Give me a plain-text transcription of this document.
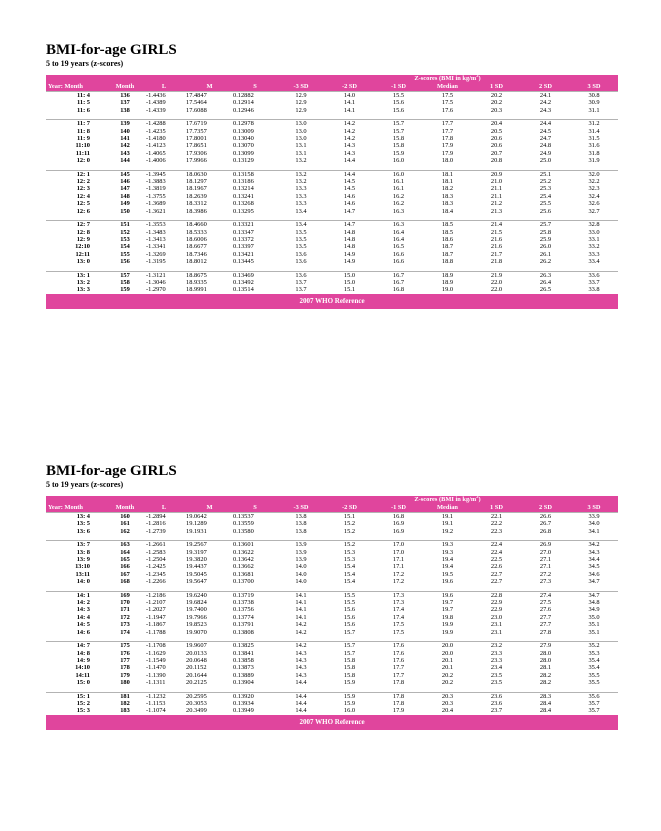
BMI-for-age GIRLS

5 to 19 years (z-scores)

					Z-scores (BMI in $kg/m^2$)						
Year: Month	Month	L	M	S	-3 SD	-2 SD	-1 SD	Median	1 SD	2 SD	3 SD
11: 4	136	-1.4436	17.4847	0.12882	12.9	14.0	15.5	17.5	20.2	24.1	30.8
11: 5	137	-1.4389	17.5464	0.12914	12.9	14.1	15.6	17.5	20.2	24.2	30.9
11: 6	138	-1.4339	17.6088	0.12946	12.9	14.1	15.6	17.6	20.3	24.3	31.1

11: 7	139	-1.4288	17.6719	0.12978	13.0	14.2	15.7	17.7	20.4	24.4	31.2
11: 8	140	-1.4235	17.7357	0.13009	13.0	14.2	15.7	17.7	20.5	24.5	31.4
11: 9	141	-1.4180	17.8001	0.13040	13.0	14.2	15.8	17.8	20.6	24.7	31.5
11:10	142	-1.4123	17.8651	0.13070	13.1	14.3	15.8	17.9	20.6	24.8	31.6
11:11	143	-1.4065	17.9306	0.13099	13.1	14.3	15.9	17.9	20.7	24.9	31.8
12: 0	144	-1.4006	17.9966	0.13129	13.2	14.4	16.0	18.0	20.8	25.0	31.9

12: 1	145	-1.3945	18.0630	0.13158	13.2	14.4	16.0	18.1	20.9	25.1	32.0
12: 2	146	-1.3883	18.1297	0.13186	13.2	14.5	16.1	18.1	21.0	25.2	32.2
12: 3	147	-1.3819	18.1967	0.13214	13.3	14.5	16.1	18.2	21.1	25.3	32.3
12: 4	148	-1.3755	18.2639	0.13241	13.3	14.6	16.2	18.3	21.1	25.4	32.4
12: 5	149	-1.3689	18.3312	0.13268	13.3	14.6	16.2	18.3	21.2	25.5	32.6
12: 6	150	-1.3621	18.3986	0.13295	13.4	14.7	16.3	18.4	21.3	25.6	32.7

12: 7	151	-1.3553	18.4660	0.13321	13.4	14.7	16.3	18.5	21.4	25.7	32.8
12: 8	152	-1.3483	18.5333	0.13347	13.5	14.8	16.4	18.5	21.5	25.8	33.0
12: 9	153	-1.3413	18.6006	0.13372	13.5	14.8	16.4	18.6	21.6	25.9	33.1
12:10	154	-1.3341	18.6677	0.13397	13.5	14.8	16.5	18.7	21.6	26.0	33.2
12:11	155	-1.3269	18.7346	0.13421	13.6	14.9	16.6	18.7	21.7	26.1	33.3
13: 0	156	-1.3195	18.8012	0.13445	13.6	14.9	16.6	18.8	21.8	26.2	33.4

13: 1	157	-1.3121	18.8675	0.13469	13.6	15.0	16.7	18.9	21.9	26.3	33.6
13: 2	158	-1.3046	18.9335	0.13492	13.7	15.0	16.7	18.9	22.0	26.4	33.7
13: 3	159	-1.2970	18.9991	0.13514	13.7	15.1	16.8	19.0	22.0	26.5	33.8
2007 WHO Reference											
BMI-for-age GIRLS

5 to 19 years (z-scores)

					Z-scores (BMI in $kg/m^2$)						
Year: Month	Month	L	M	S	-3 SD	-2 SD	-1 SD	Median	1 SD	2 SD	3 SD
13: 4	160	-1.2894	19.0642	0.13537	13.8	15.1	16.8	19.1	22.1	26.6	33.9
13: 5	161	-1.2816	19.1289	0.13559	13.8	15.2	16.9	19.1	22.2	26.7	34.0
13: 6	162	-1.2739	19.1931	0.13580	13.8	15.2	16.9	19.2	22.3	26.8	34.1

13: 7	163	-1.2661	19.2567	0.13601	13.9	15.2	17.0	19.3	22.4	26.9	34.2
13: 8	164	-1.2583	19.3197	0.13622	13.9	15.3	17.0	19.3	22.4	27.0	34.3
13: 9	165	-1.2504	19.3820	0.13642	13.9	15.3	17.1	19.4	22.5	27.1	34.4
13:10	166	-1.2425	19.4437	0.13662	14.0	15.4	17.1	19.4	22.6	27.1	34.5
13:11	167	-1.2345	19.5045	0.13681	14.0	15.4	17.2	19.5	22.7	27.2	34.6
14: 0	168	-1.2266	19.5647	0.13700	14.0	15.4	17.2	19.6	22.7	27.3	34.7

14: 1	169	-1.2186	19.6240	0.13719	14.1	15.5	17.3	19.6	22.8	27.4	34.7
14: 2	170	-1.2107	19.6824	0.13738	14.1	15.5	17.3	19.7	22.9	27.5	34.8
14: 3	171	-1.2027	19.7400	0.13756	14.1	15.6	17.4	19.7	22.9	27.6	34.9
14: 4	172	-1.1947	19.7966	0.13774	14.1	15.6	17.4	19.8	23.0	27.7	35.0
14: 5	173	-1.1867	19.8523	0.13791	14.2	15.6	17.5	19.9	23.1	27.7	35.1
14: 6	174	-1.1788	19.9070	0.13808	14.2	15.7	17.5	19.9	23.1	27.8	35.1

14: 7	175	-1.1708	19.9607	0.13825	14.2	15.7	17.6	20.0	23.2	27.9	35.2
14: 8	176	-1.1629	20.0133	0.13841	14.3	15.7	17.6	20.0	23.3	28.0	35.3
14: 9	177	-1.1549	20.0648	0.13858	14.3	15.8	17.6	20.1	23.3	28.0	35.4
14:10	178	-1.1470	20.1152	0.13873	14.3	15.8	17.7	20.1	23.4	28.1	35.4
14:11	179	-1.1390	20.1644	0.13889	14.3	15.8	17.7	20.2	23.5	28.2	35.5
15: 0	180	-1.1311	20.2125	0.13904	14.4	15.9	17.8	20.2	23.5	28.2	35.5

15: 1	181	-1.1232	20.2595	0.13920	14.4	15.9	17.8	20.3	23.6	28.3	35.6
15: 2	182	-1.1153	20.3053	0.13934	14.4	15.9	17.8	20.3	23.6	28.4	35.7
15: 3	183	-1.1074	20.3499	0.13949	14.4	16.0	17.9	20.4	23.7	28.4	35.7
2007 WHO Reference											
